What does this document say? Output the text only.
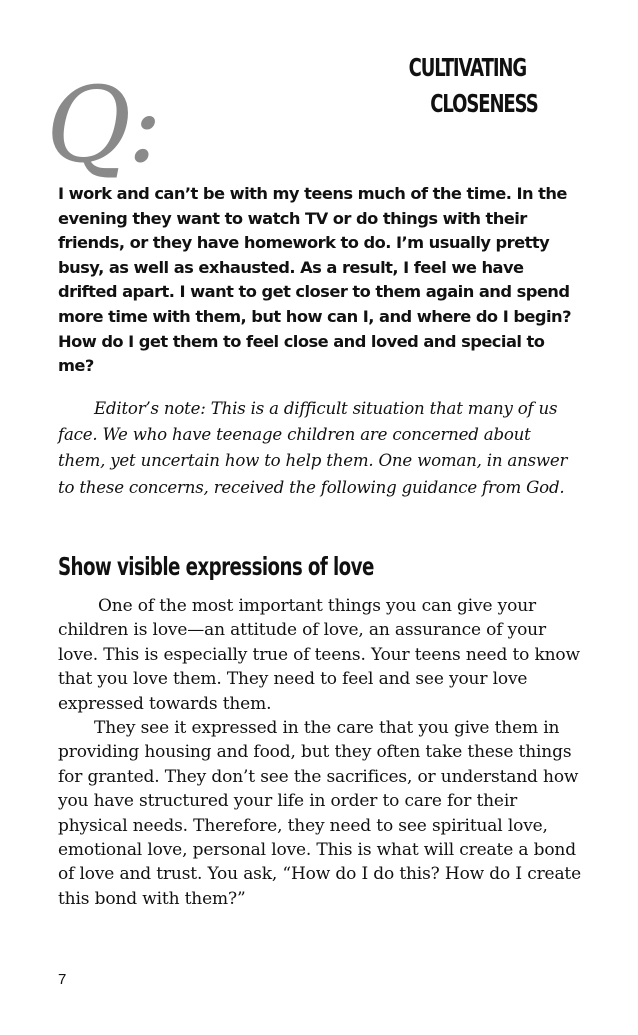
CULTIVATING
CLOSENESS
Q:

I work and can’t be with my teens much of the time. In the evening they want to watch TV or do things with their friends, or they have homework to do. I’m usually pretty busy, as well as exhausted. As a result, I feel we have drifted apart. I want to get closer to them again and spend more time with them, but how can I, and where do I begin? How do I get them to feel close and loved and special to me?

Editor’s note: This is a difficult situation that many of us face. We who have teenage children are concerned about them, yet uncertain how to help them. One woman, in answer to these concerns, received the following guidance from God.

Show visible expressions of love

One of the most important things you can give your children is love—an attitude of love, an assurance of your love. This is especially true of teens. Your teens need to know that you love them. They need to feel and see your love expressed towards them.

They see it expressed in the care that you give them in providing housing and food, but they often take these things for granted. They don’t see the sacrifices, or understand how you have structured your life in order to care for their physical needs. Therefore, they need to see spiritual love, emotional love, personal love. This is what will create a bond of love and trust. You ask, “How do I do this? How do I create this bond with them?”

7
